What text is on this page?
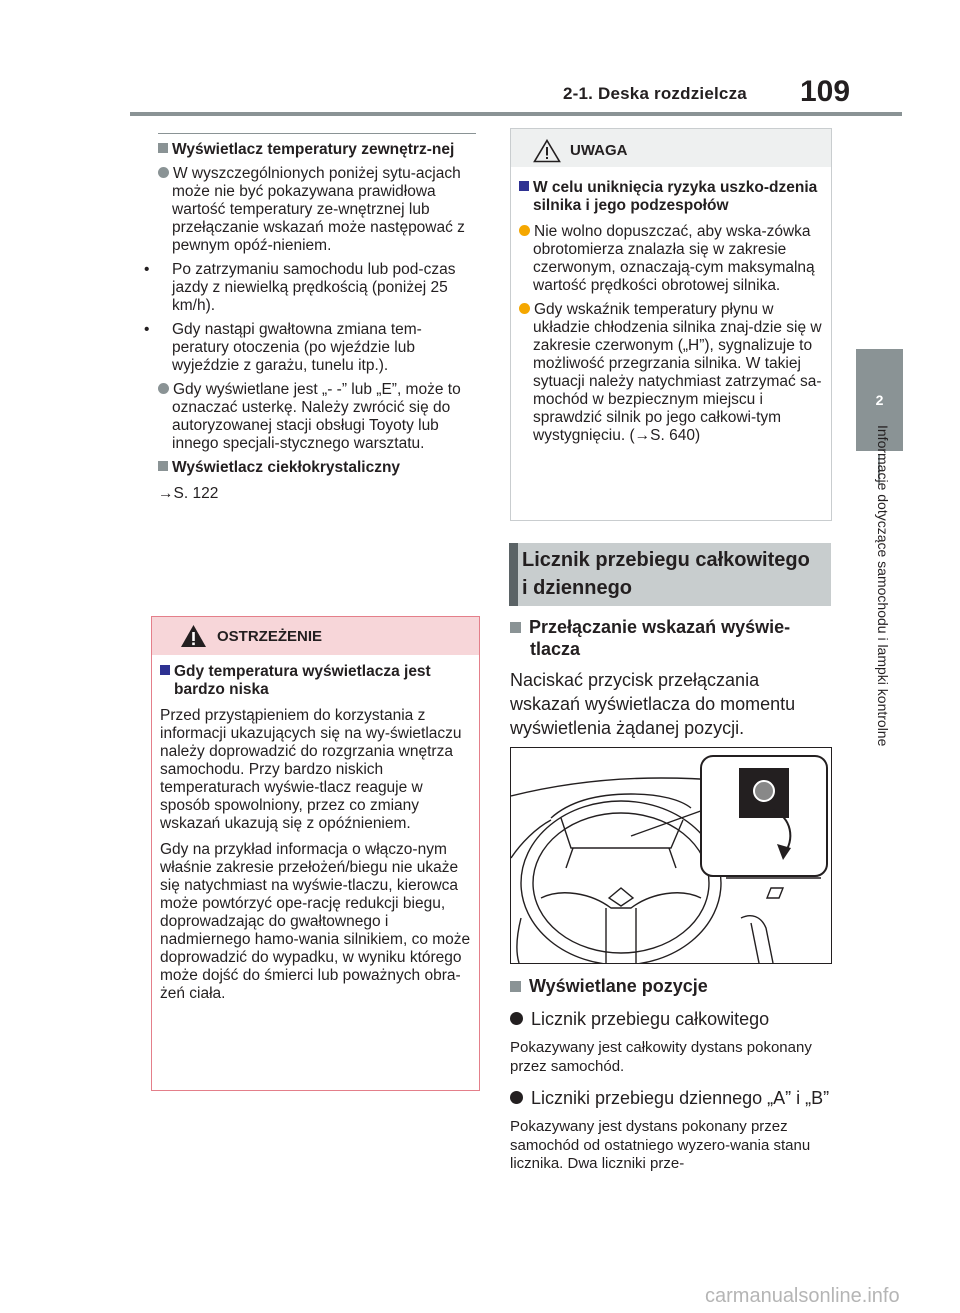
2-1. Deska rozdzielcza 109
2
Informacje dotyczące samochodu i lampki kontrolne
Wyświetlacz temperatury zewnętrz-nej
W wyszczególnionych poniżej sytu-acjach może nie być pokazywana prawidłowa wartość temperatury ze-wnętrznej lub przełączanie wskazań może następować z pewnym opóź-nieniem.
• Po zatrzymaniu samochodu lub pod-czas jazdy z niewielką prędkością (poniżej 25 km/h).
• Gdy nastąpi gwałtowna zmiana tem-peratury otoczenia (po wjeździe lub wyjeździe z garażu, tunelu itp.).
Gdy wyświetlane jest „- -” lub „E”, może to oznaczać usterkę. Należy zwrócić się do autoryzowanej stacji obsługi Toyoty lub innego specjali-stycznego warsztatu.
Wyświetlacz ciekłokrystaliczny
→S. 122
OSTRZEŻENIE
Gdy temperatura wyświetlacza jest bardzo niska
Przed przystąpieniem do korzystania z informacji ukazujących się na wy-świetlaczu należy doprowadzić do rozgrzania wnętrza samochodu. Przy bardzo niskich temperaturach wyświe-tlacz reaguje w sposób spowolniony, przez co zmiany wskazań ukazują się z opóźnieniem.
Gdy na przykład informacja o włączo-nym właśnie zakresie przełożeń/biegu nie ukaże się natychmiast na wyświe-tlaczu, kierowca może powtórzyć ope-rację redukcji biegu, doprowadzając do gwałtownego i nadmiernego hamo-wania silnikiem, co może doprowadzić do wypadku, w wyniku którego może dojść do śmierci lub poważnych obra-żeń ciała.
UWAGA
W celu uniknięcia ryzyka uszko-dzenia silnika i jego podzespołów
Nie wolno dopuszczać, aby wska-zówka obrotomierza znalazła się w zakresie czerwonym, oznaczają-cym maksymalną wartość prędkości obrotowej silnika.
Gdy wskaźnik temperatury płynu w układzie chłodzenia silnika znaj-dzie się w zakresie czerwonym („H”), sygnalizuje to możliwość przegrzania silnika. W takiej sytuacji należy natychmiast zatrzymać sa-mochód w bezpiecznym miejscu i sprawdzić silnik po jego całkowi-tym wystygnięciu. (→S. 640)
Licznik przebiegu całkowitego
i dziennego
Przełączanie wskazań wyświe-tlacza
Naciskać przycisk przełączania wskazań wyświetlacza do momentu wyświetlenia żądanej pozycji.
Wyświetlane pozycje
Licznik przebiegu całkowitego
Pokazywany jest całkowity dystans pokonany przez samochód.
Liczniki przebiegu dziennego „A” i „B”
Pokazywany jest dystans pokonany przez samochód od ostatniego wyzero-wania stanu licznika. Dwa liczniki prze-
carmanualsonline.info
